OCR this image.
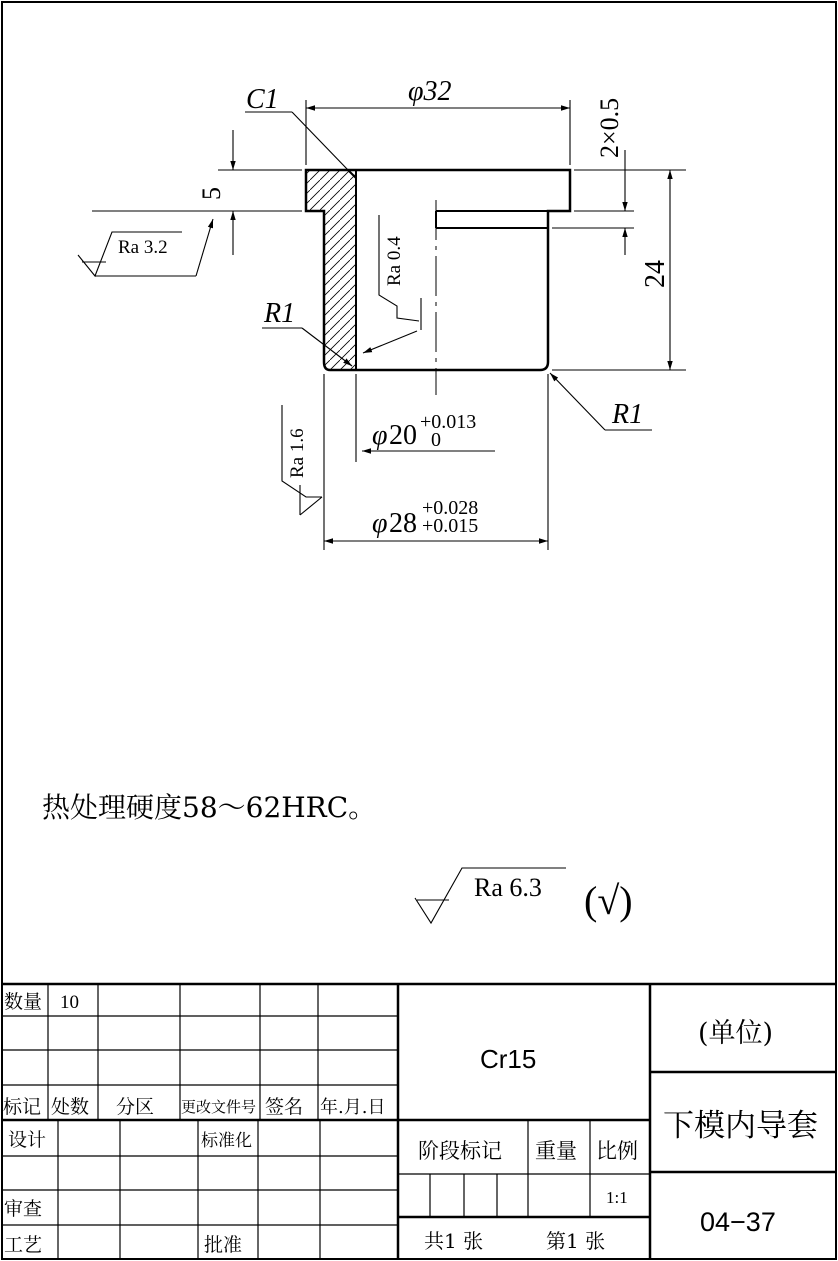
φ32
C1	2×0.5
5
24
R1
R1
φ 20 +0.013
0
φ 28 +0.028
+0.015
Ra 3.2	Ra 0.4
Ra 1.6
Ra 6.3 (√)
热处理硬度58～62HRC。
数量 10
标记 处数 分区 更改文件号 签名 年.月.日
设计	标准化
审查
工艺	批准
Cr15
阶段标记 重量 比例
1:1
共1 张	第1 张
(单位)
下模内导套
04−37
